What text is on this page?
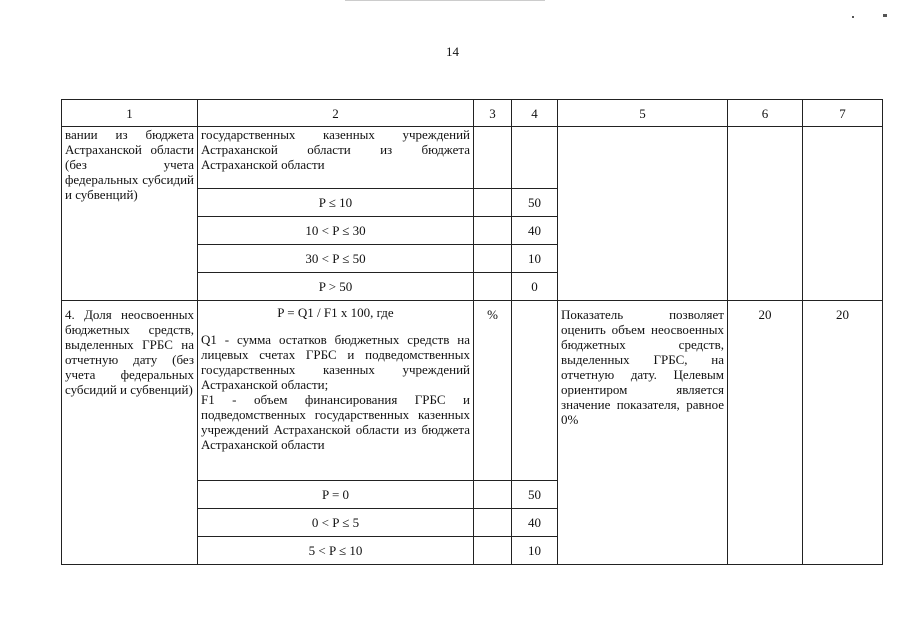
14
1	2	3	4	5	6	7
вании из бюджета Астраханской области (без учета федеральных субсидий и субвенций)	государственных казенных учреждений Астраханской области из бюджета Астраханской области					
	P ≤ 10		50			
	10 < P ≤ 30		40			
	30 < P ≤ 50		10			
	P > 50		0			
4. Доля неосвоенных бюджетных средств, выделенных ГРБС на отчетную дату (без учета федеральных субсидий и субвенций)	P = Q1 / F1 x 100, где
Q1 - сумма остатков бюджетных средств на лицевых счетах ГРБС и подведомственных государственных казенных учреждений Астраханской области;
F1 - объем финансирования ГРБС и подведомственных государственных казенных учреждений Астраханской области из бюджета Астраханской области	%		Показатель позволяет оценить объем неосвоенных бюджетных средств, выделенных ГРБС, на отчетную дату. Целевым ориентиром является значение показателя, равное 0%	20	20
	P = 0		50			
	0 < P ≤ 5		40			
	5 < P ≤ 10		10			
